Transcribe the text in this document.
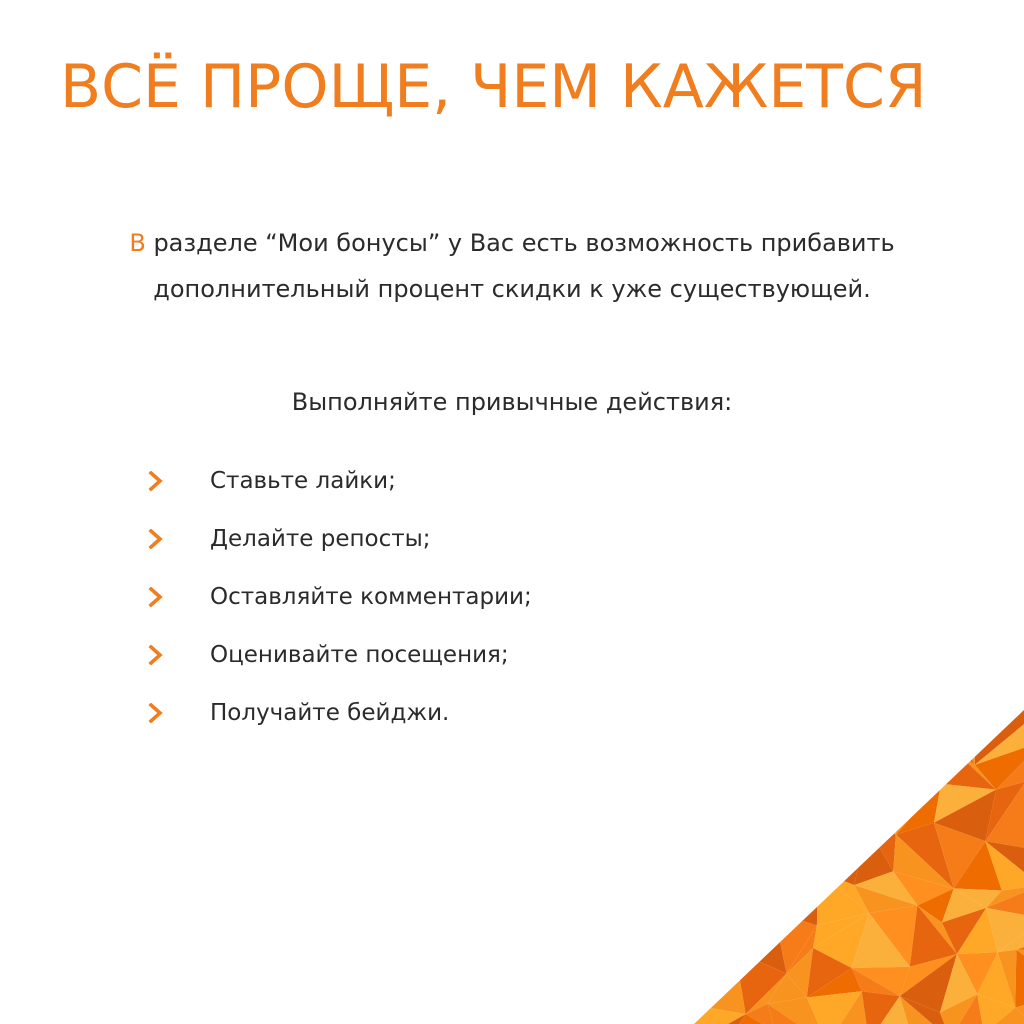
ВСЁ ПРОЩЕ, ЧЕМ КАЖЕТСЯ

В разделе “Мои бонусы” у Вас есть возможность прибавить
дополнительный процент скидки к уже существующей.

Выполняйте привычные действия:

Ставьте лайки;
Делайте репосты;
Оставляйте комментарии;
Оценивайте посещения;
Получайте бейджи.
